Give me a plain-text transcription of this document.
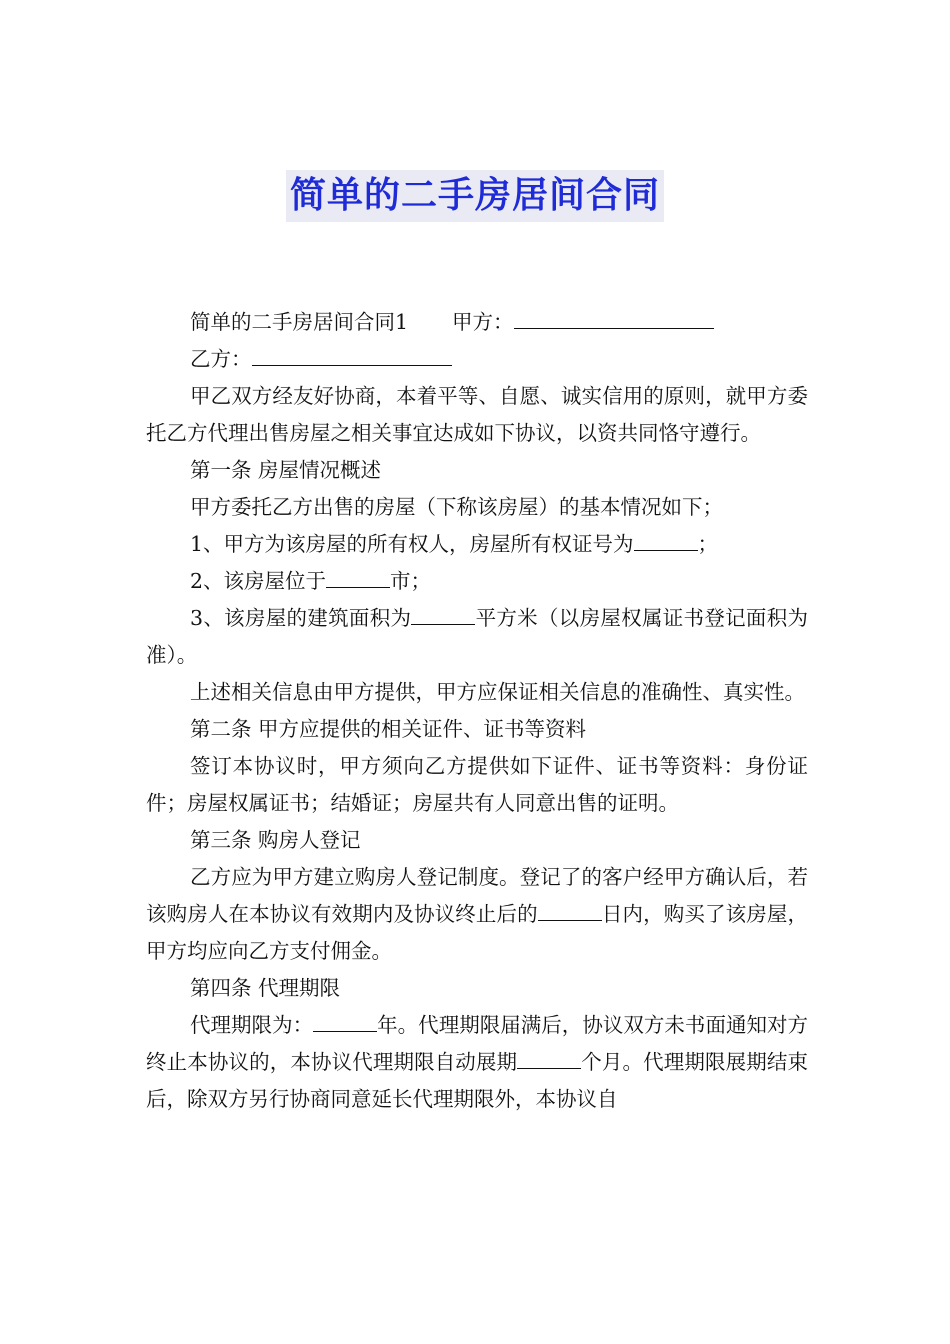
简单的二手房居间合同

简单的二手房居间合同1 甲方：

乙方：

甲乙双方经友好协商，本着平等、自愿、诚实信用的原则，就甲方委托乙方代理出售房屋之相关事宜达成如下协议，以资共同恪守遵行。

第一条 房屋情况概述

甲方委托乙方出售的房屋（下称该房屋）的基本情况如下；

1、甲方为该房屋的所有权人，房屋所有权证号为	；

2、该房屋位于	市；

3、该房屋的建筑面积为	平方米（以房屋权属证书登记面积为准）。

上述相关信息由甲方提供，甲方应保证相关信息的准确性、真实性。

第二条 甲方应提供的相关证件、证书等资料

签订本协议时，甲方须向乙方提供如下证件、证书等资料：身份证件；房屋权属证书；结婚证；房屋共有人同意出售的证明。

第三条 购房人登记

乙方应为甲方建立购房人登记制度。登记了的客户经甲方确认后，若该购房人在本协议有效期内及协议终止后的	日内，购买了该房屋，甲方均应向乙方支付佣金。

第四条 代理期限

代理期限为：	年。代理期限届满后，协议双方未书面通知对方终止本协议的，本协议代理期限自动展期	个月。代理期限展期结束后，除双方另行协商同意延长代理期限外，本协议自
